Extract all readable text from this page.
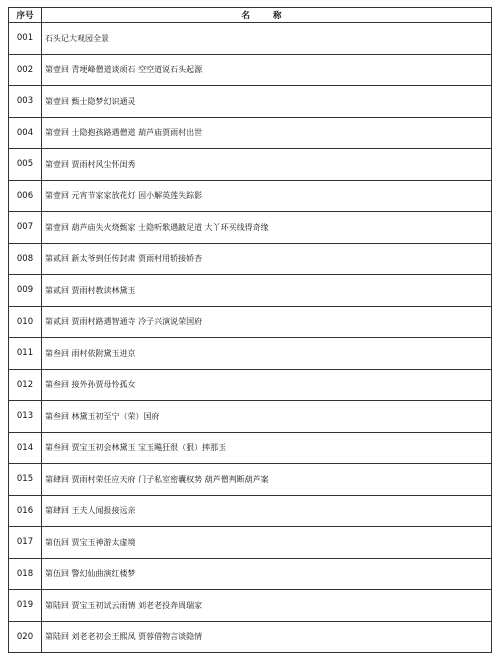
序号	名 称
001	石头记大观园全景
002	第壹回 青埂峰僧道谈顽石 空空道说石头起源
003	第壹回 甄士隐梦幻识通灵
004	第壹回 士隐抱孩路遇僧道 葫芦庙贾雨村出世
005	第壹回 贾雨村风尘怀闺秀
006	第壹回 元宵节家家放花灯 因小解英莲失踪影
007	第壹回 葫芦庙失火烧甄家 士隐听歌遇跛足道 大丫环买线得奇缘
008	第贰回 新太爷到任传封肃 贾雨村用轿接娇杏
009	第贰回 贾雨村教读林黛玉
010	第贰回 贾雨村路遇智通寺 冷子兴演说荣国府
011	第叁回 雨村依附黛玉进京
012	第叁回 接外孙贾母怜孤女
013	第叁回 林黛玉初至宁（荣）国府
014	第叁回 贾宝玉初会林黛玉 宝玉飚狂很（狠）摔那玉
015	第肆回 贾雨村荣任应天府 门子私室密囊权势 葫芦僧判断葫芦案
016	第肆回 王夫人闻报接远亲
017	第伍回 贾宝玉神游太虚境
018	第伍回 警幻仙曲演红楼梦
019	第陆回 贾宝玉初试云雨情 刘老老投奔周瑞家
020	第陆回 刘老老初会王熙凤 贾蓉借物言谈隐情
